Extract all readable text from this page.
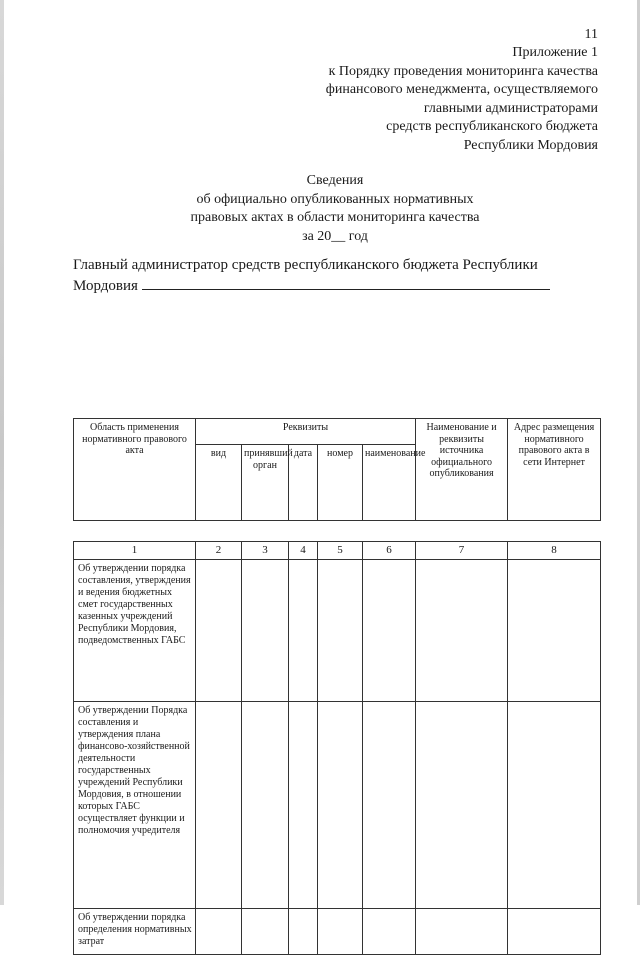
11
Приложение 1
к Порядку проведения мониторинга качества
финансового менеджмента, осуществляемого
главными администраторами
средств республиканского бюджета
Республики Мордовия
Сведения
об официально опубликованных нормативных
правовых актах в области мониторинга качества
за 20__ год
Главный администратор средств республиканского бюджета Республики
Мордовия
Область применения нормативного правового акта	Реквизиты					Наименование и реквизиты источника официального опубликования	Адрес размещения нормативного правового акта в сети Интернет
	вид	принявший орган	дата	номер	наименование		

1	2	3	4	5	6	7	8
Об утверждении порядка составления, утверждения и ведения бюджетных смет государственных казенных учреждений Республики Мордовия, подведомственных ГАБС							
Об утверждении Порядка составления и утверждения плана финансово-хозяйственной деятельности государственных учреждений Республики Мордовия, в отношении которых ГАБС осуществляет функции и полномочия учредителя							
Об утверждении порядка определения нормативных затрат							
